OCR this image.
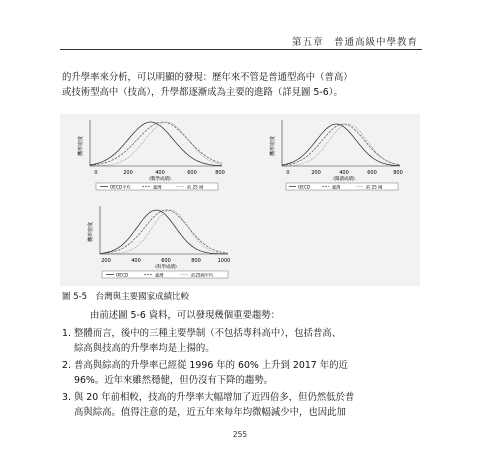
第五章　普通高級中學教育
的升學率來分析，可以明顯的發現：歷年來不管是普通型高中（普高）
或技術型高中（技高），升學都逐漸成為主要的進路（詳見圖 5-6）。
機率密度
0	200	400	600	800
(數學成績)
OECD平均	臺灣	前 25 國
機率密度
0	200	400	600	800
(閱讀成績)
OECD	臺灣	前 25 國
機率密度
200	400	600	800	1000
(科學成績)
OECD	臺灣	前25國平均
圖 5-5　台灣與主要國家成績比較
由前述圖 5-6 資料，可以發現幾個重要趨勢：
1. 整體而言，後中的三種主要學制（不包括專科高中），包括普高、
綜高與技高的升學率均是上揚的。
2. 普高與綜高的升學率已經從 1996 年的 60% 上升到 2017 年的近
96%。近年來雖然穩健，但仍沒有下降的趨勢。
3. 與 20 年前相較，技高的升學率大幅增加了近四倍多，但仍然低於普
高與綜高。值得注意的是，近五年來每年均微幅減少中，也因此加
255
